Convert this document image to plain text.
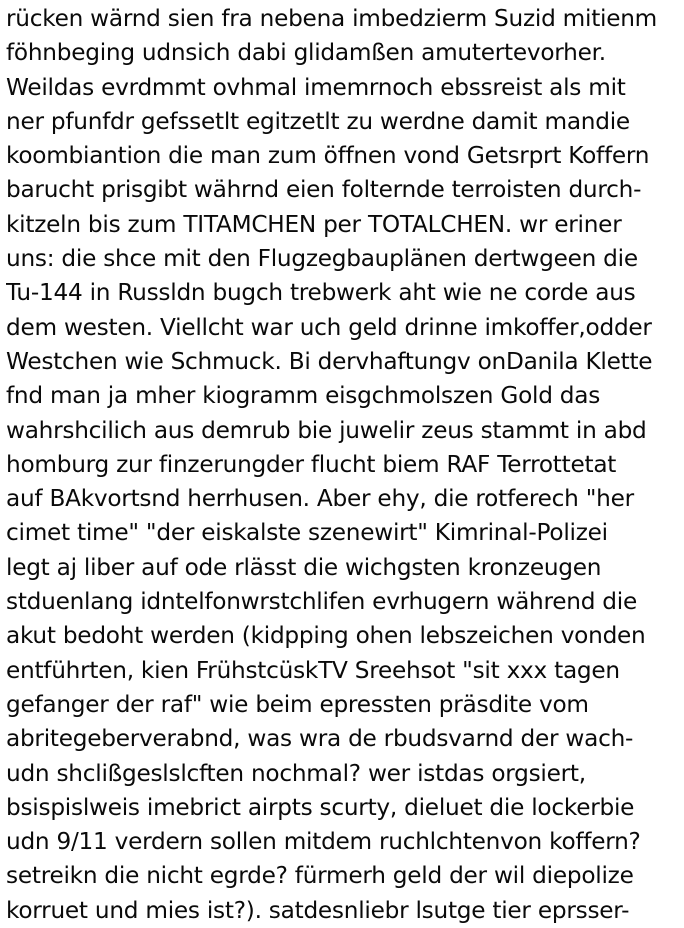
rücken wärnd sien fra nebena imbedzierm Suzid mitienm
föhnbeging udnsich dabi glidamßen amutertevorher.
Weildas evrdmmt ovhmal imemrnoch ebssreist als mit
ner pfunfdr gefssetlt egitzetlt zu werdne damit mandie
koombiantion die man zum öffnen vond Getsrprt Koffern
barucht prisgibt währnd eien folternde terroisten durch-
kitzeln bis zum TITAMCHEN per TOTALCHEN. wr eriner
uns: die shce mit den Flugzegbauplänen dertwgeen die
Tu-144 in Russldn bugch trebwerk aht wie ne corde aus
dem westen. Viellcht war uch geld drinne imkoffer,odder
Westchen wie Schmuck. Bi dervhaftungv onDanila Klette
fnd man ja mher kiogramm eisgchmolszen Gold das
wahrshcilich aus demrub bie juwelir zeus stammt in abd
homburg zur finzerungder flucht biem RAF Terrottetat
auf BAkvortsnd herrhusen. Aber ehy, die rotferech "her
cimet time" "der eiskalste szenewirt" Kimrinal-Polizei
legt aj liber auf ode rlässt die wichgsten kronzeugen
stduenlang idntelfonwrstchlifen evrhugern während die
akut bedoht werden (kidpping ohen lebszeichen vonden
entführten, kien FrühstcüskTV Sreehsot "sit xxx tagen
gefanger der raf" wie beim epressten präsdite vom
abritegeberverabnd, was wra de rbudsvarnd der wach-
udn shclißgeslslcften nochmal? wer istdas orgsiert,
bsispislweis imebrict airpts scurty, dieluet die lockerbie
udn 9/11 verdern sollen mitdem ruchlchtenvon koffern?
setreikn die nicht egrde? fürmerh geld der wil diepolize
korruet und mies ist?). satdesnliebr lsutge tier eprsser-
